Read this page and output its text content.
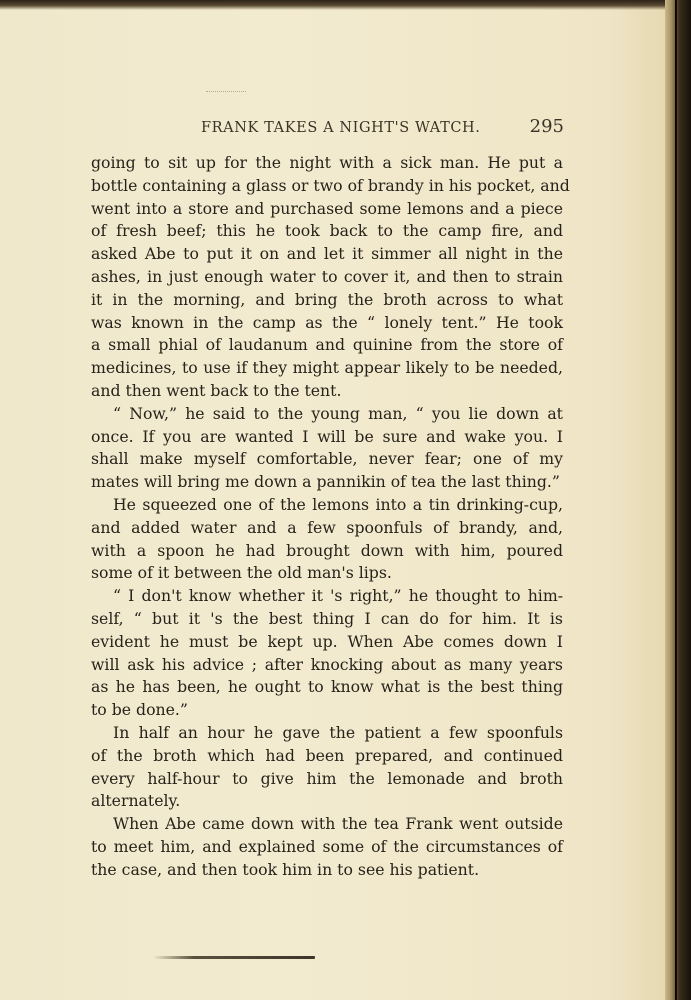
FRANK TAKES A NIGHT'S WATCH.	295
going to sit up for the night with a sick man. He put a
bottle containing a glass or two of brandy in his pocket, and
went into a store and purchased some lemons and a piece
of fresh beef; this he took back to the camp fire, and
asked Abe to put it on and let it simmer all night in the
ashes, in just enough water to cover it, and then to strain
it in the morning, and bring the broth across to what
was known in the camp as the “ lonely tent.” He took
a small phial of laudanum and quinine from the store of
medicines, to use if they might appear likely to be needed,
and then went back to the tent.
“ Now,” he said to the young man, “ you lie down at
once. If you are wanted I will be sure and wake you. I
shall make myself comfortable, never fear; one of my
mates will bring me down a pannikin of tea the last thing.”
He squeezed one of the lemons into a tin drinking-cup,
and added water and a few spoonfuls of brandy, and,
with a spoon he had brought down with him, poured
some of it between the old man's lips.
“ I don't know whether it 's right,” he thought to him-
self, “ but it 's the best thing I can do for him. It is
evident he must be kept up. When Abe comes down I
will ask his advice ; after knocking about as many years
as he has been, he ought to know what is the best thing
to be done.”
In half an hour he gave the patient a few spoonfuls
of the broth which had been prepared, and continued
every half-hour to give him the lemonade and broth
alternately.
When Abe came down with the tea Frank went outside
to meet him, and explained some of the circumstances of
the case, and then took him in to see his patient.
